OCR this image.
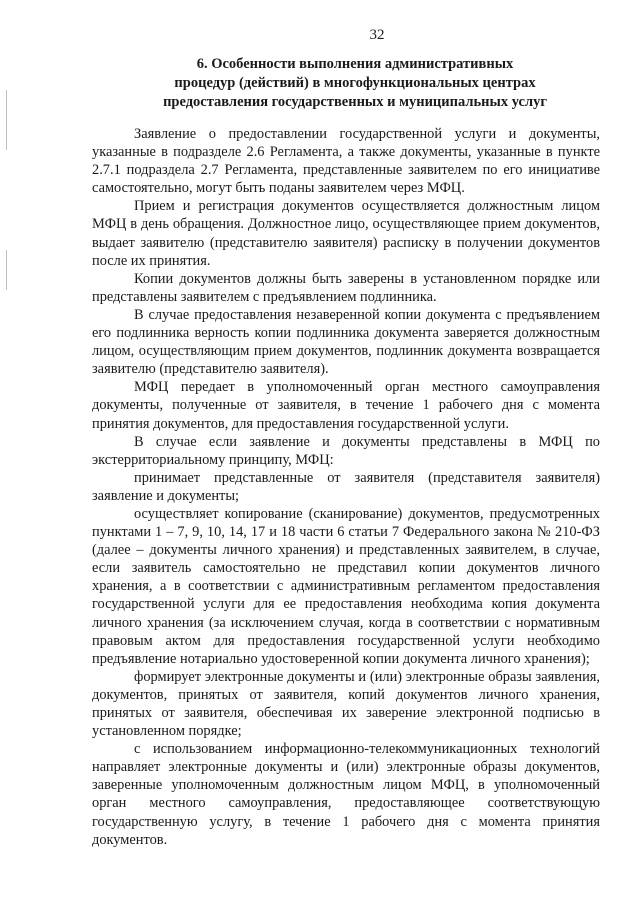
32
6. Особенности выполнения административных
процедур (действий) в многофункциональных центрах
предоставления государственных и муниципальных услуг

Заявление о предоставлении государственной услуги и документы, указанные в подразделе 2.6 Регламента, а также документы, указанные в пункте 2.7.1 подраздела 2.7 Регламента, представленные заявителем по его инициативе самостоятельно, могут быть поданы заявителем через МФЦ.

Прием и регистрация документов осуществляется должностным лицом МФЦ в день обращения. Должностное лицо, осуществляющее прием документов, выдает заявителю (представителю заявителя) расписку в получении документов после их принятия.

Копии документов должны быть заверены в установленном порядке или представлены заявителем с предъявлением подлинника.

В случае предоставления незаверенной копии документа с предъявлением его подлинника верность копии подлинника документа заверяется должностным лицом, осуществляющим прием документов, подлинник документа возвращается заявителю (представителю заявителя).

МФЦ передает в уполномоченный орган местного самоуправления документы, полученные от заявителя, в течение 1 рабочего дня с момента принятия документов, для предоставления государственной услуги.

В случае если заявление и документы представлены в МФЦ по экстерриториальному принципу, МФЦ:

принимает представленные от заявителя (представителя заявителя) заявление и документы;

осуществляет копирование (сканирование) документов, предусмотренных пунктами 1 – 7, 9, 10, 14, 17 и 18 части 6 статьи 7 Федерального закона № 210-ФЗ (далее – документы личного хранения) и представленных заявителем, в случае, если заявитель самостоятельно не представил копии документов личного хранения, а в соответствии с административным регламентом предоставления государственной услуги для ее предоставления необходима копия документа личного хранения (за исключением случая, когда в соответствии с нормативным правовым актом для предоставления государственной услуги необходимо предъявление нотариально удостоверенной копии документа личного хранения);

формирует электронные документы и (или) электронные образы заявления, документов, принятых от заявителя, копий документов личного хранения, принятых от заявителя, обеспечивая их заверение электронной подписью в установленном порядке;

с использованием информационно-телекоммуникационных технологий направляет электронные документы и (или) электронные образы документов, заверенные уполномоченным должностным лицом МФЦ, в уполномоченный орган местного самоуправления, предоставляющее соответствующую государственную услугу, в течение 1 рабочего дня с момента принятия документов.
